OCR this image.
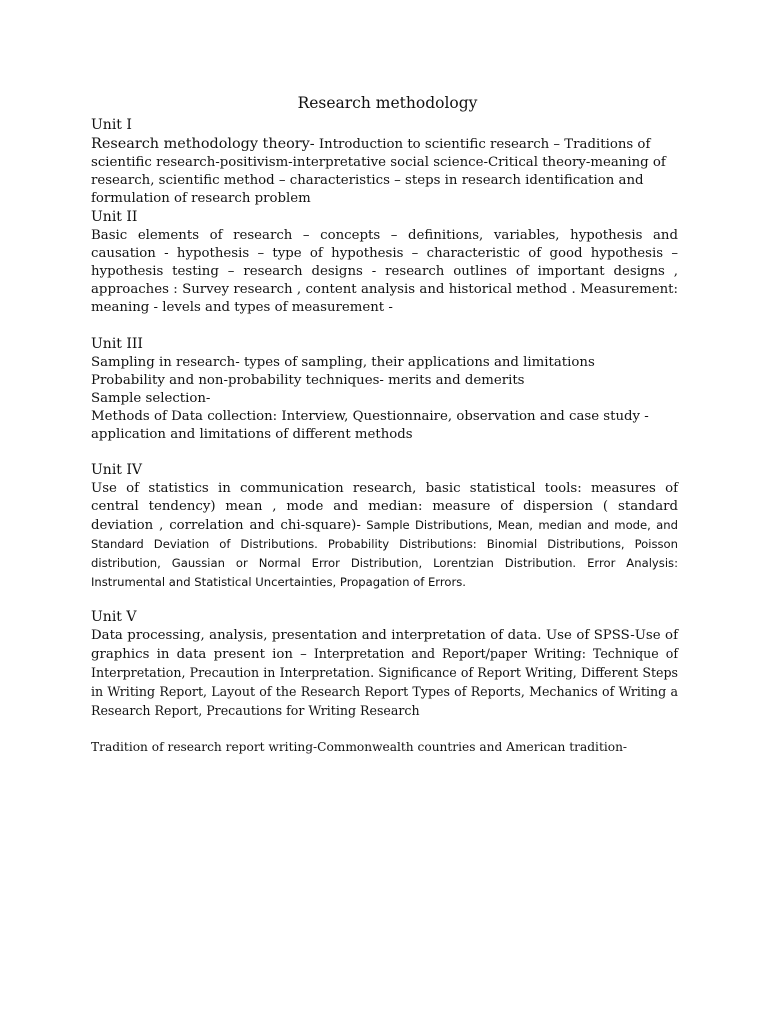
Research methodology

Unit I

Research methodology theory- Introduction to scientific research – Traditions of scientific research-positivism-interpretative social science-Critical theory-meaning of research, scientific method – characteristics – steps in research identification and formulation of research problem

Unit II

Basic elements of research – concepts – definitions, variables, hypothesis and causation - hypothesis – type of hypothesis – characteristic of good hypothesis – hypothesis testing – research designs - research outlines of important designs , approaches : Survey research , content analysis and historical method . Measurement: meaning - levels and types of measurement -

Unit III

Sampling in research- types of sampling, their applications and limitations

Probability and non-probability techniques- merits and demerits

Sample selection-

Methods of Data collection: Interview, Questionnaire, observation and case study - application and limitations of different methods

Unit IV

Use of statistics in communication research, basic statistical tools: measures of central tendency) mean , mode and median: measure of dispersion ( standard deviation , correlation and chi-square)- Sample Distributions, Mean, median and mode, and Standard Deviation of Distributions. Probability Distributions: Binomial Distributions, Poisson distribution, Gaussian or Normal Error Distribution, Lorentzian Distribution. Error Analysis: Instrumental and Statistical Uncertainties, Propagation of Errors.

Unit V

Data processing, analysis, presentation and interpretation of data. Use of SPSS-Use of graphics in data present ion – Interpretation and Report/paper Writing: Technique of Interpretation, Precaution in Interpretation. Significance of Report Writing, Different Steps in Writing Report, Layout of the Research Report Types of Reports, Mechanics of Writing a Research Report, Precautions for Writing Research

Tradition of research report writing-Commonwealth countries and American tradition-
